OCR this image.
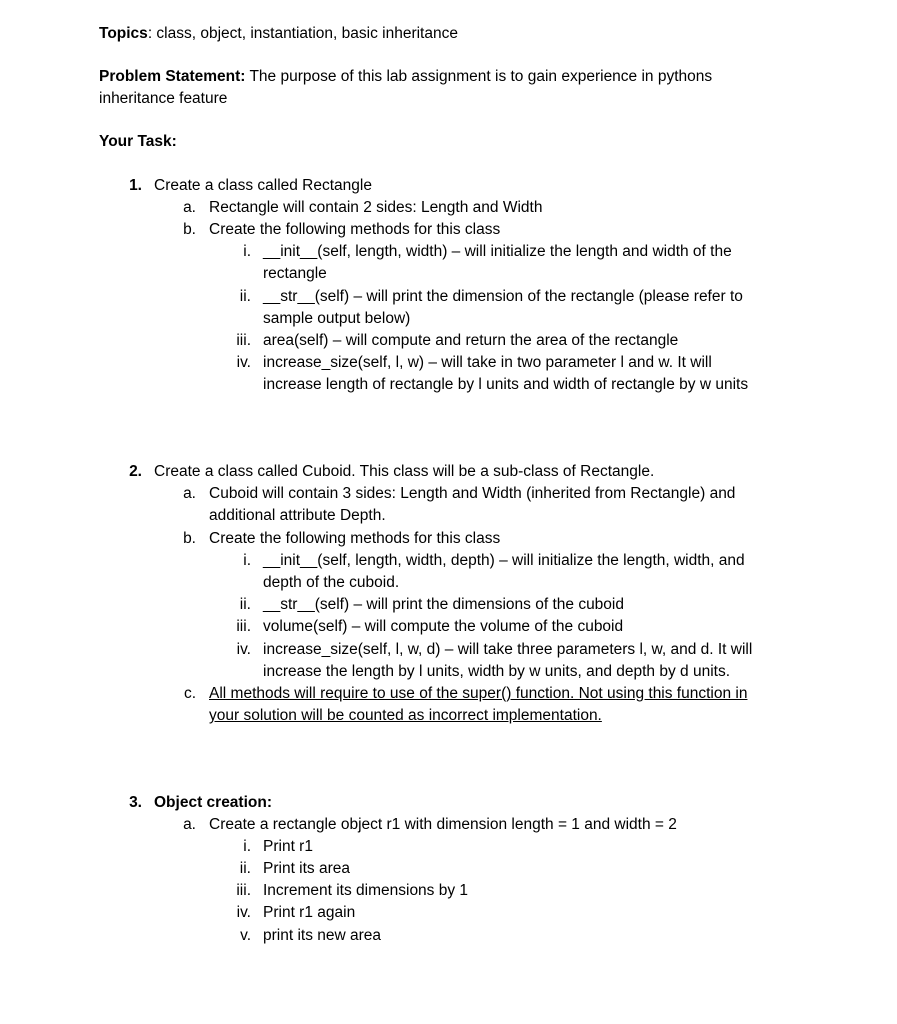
Topics: class, object, instantiation, basic inheritance
Problem Statement: The purpose of this lab assignment is to gain experience in pythons
inheritance feature
Your Task:
1. Create a class called Rectangle
a. Rectangle will contain 2 sides: Length and Width
b. Create the following methods for this class
i. __init__(self, length, width) – will initialize the length and width of the
rectangle
ii. __str__(self) – will print the dimension of the rectangle (please refer to
sample output below)
iii. area(self) – will compute and return the area of the rectangle
iv. increase_size(self, l, w) – will take in two parameter l and w. It will
increase length of rectangle by l units and width of rectangle by w units
2. Create a class called Cuboid. This class will be a sub-class of Rectangle.
a. Cuboid will contain 3 sides: Length and Width (inherited from Rectangle) and
additional attribute Depth.
b. Create the following methods for this class
i. __init__(self, length, width, depth) – will initialize the length, width, and
depth of the cuboid.
ii. __str__(self) – will print the dimensions of the cuboid
iii. volume(self) – will compute the volume of the cuboid
iv. increase_size(self, l, w, d) – will take three parameters l, w, and d. It will
increase the length by l units, width by w units, and depth by d units.
c. All methods will require to use of the super() function. Not using this function in
your solution will be counted as incorrect implementation.
3. Object creation:
a. Create a rectangle object r1 with dimension length = 1 and width = 2
i. Print r1
ii. Print its area
iii. Increment its dimensions by 1
iv. Print r1 again
v. print its new area
